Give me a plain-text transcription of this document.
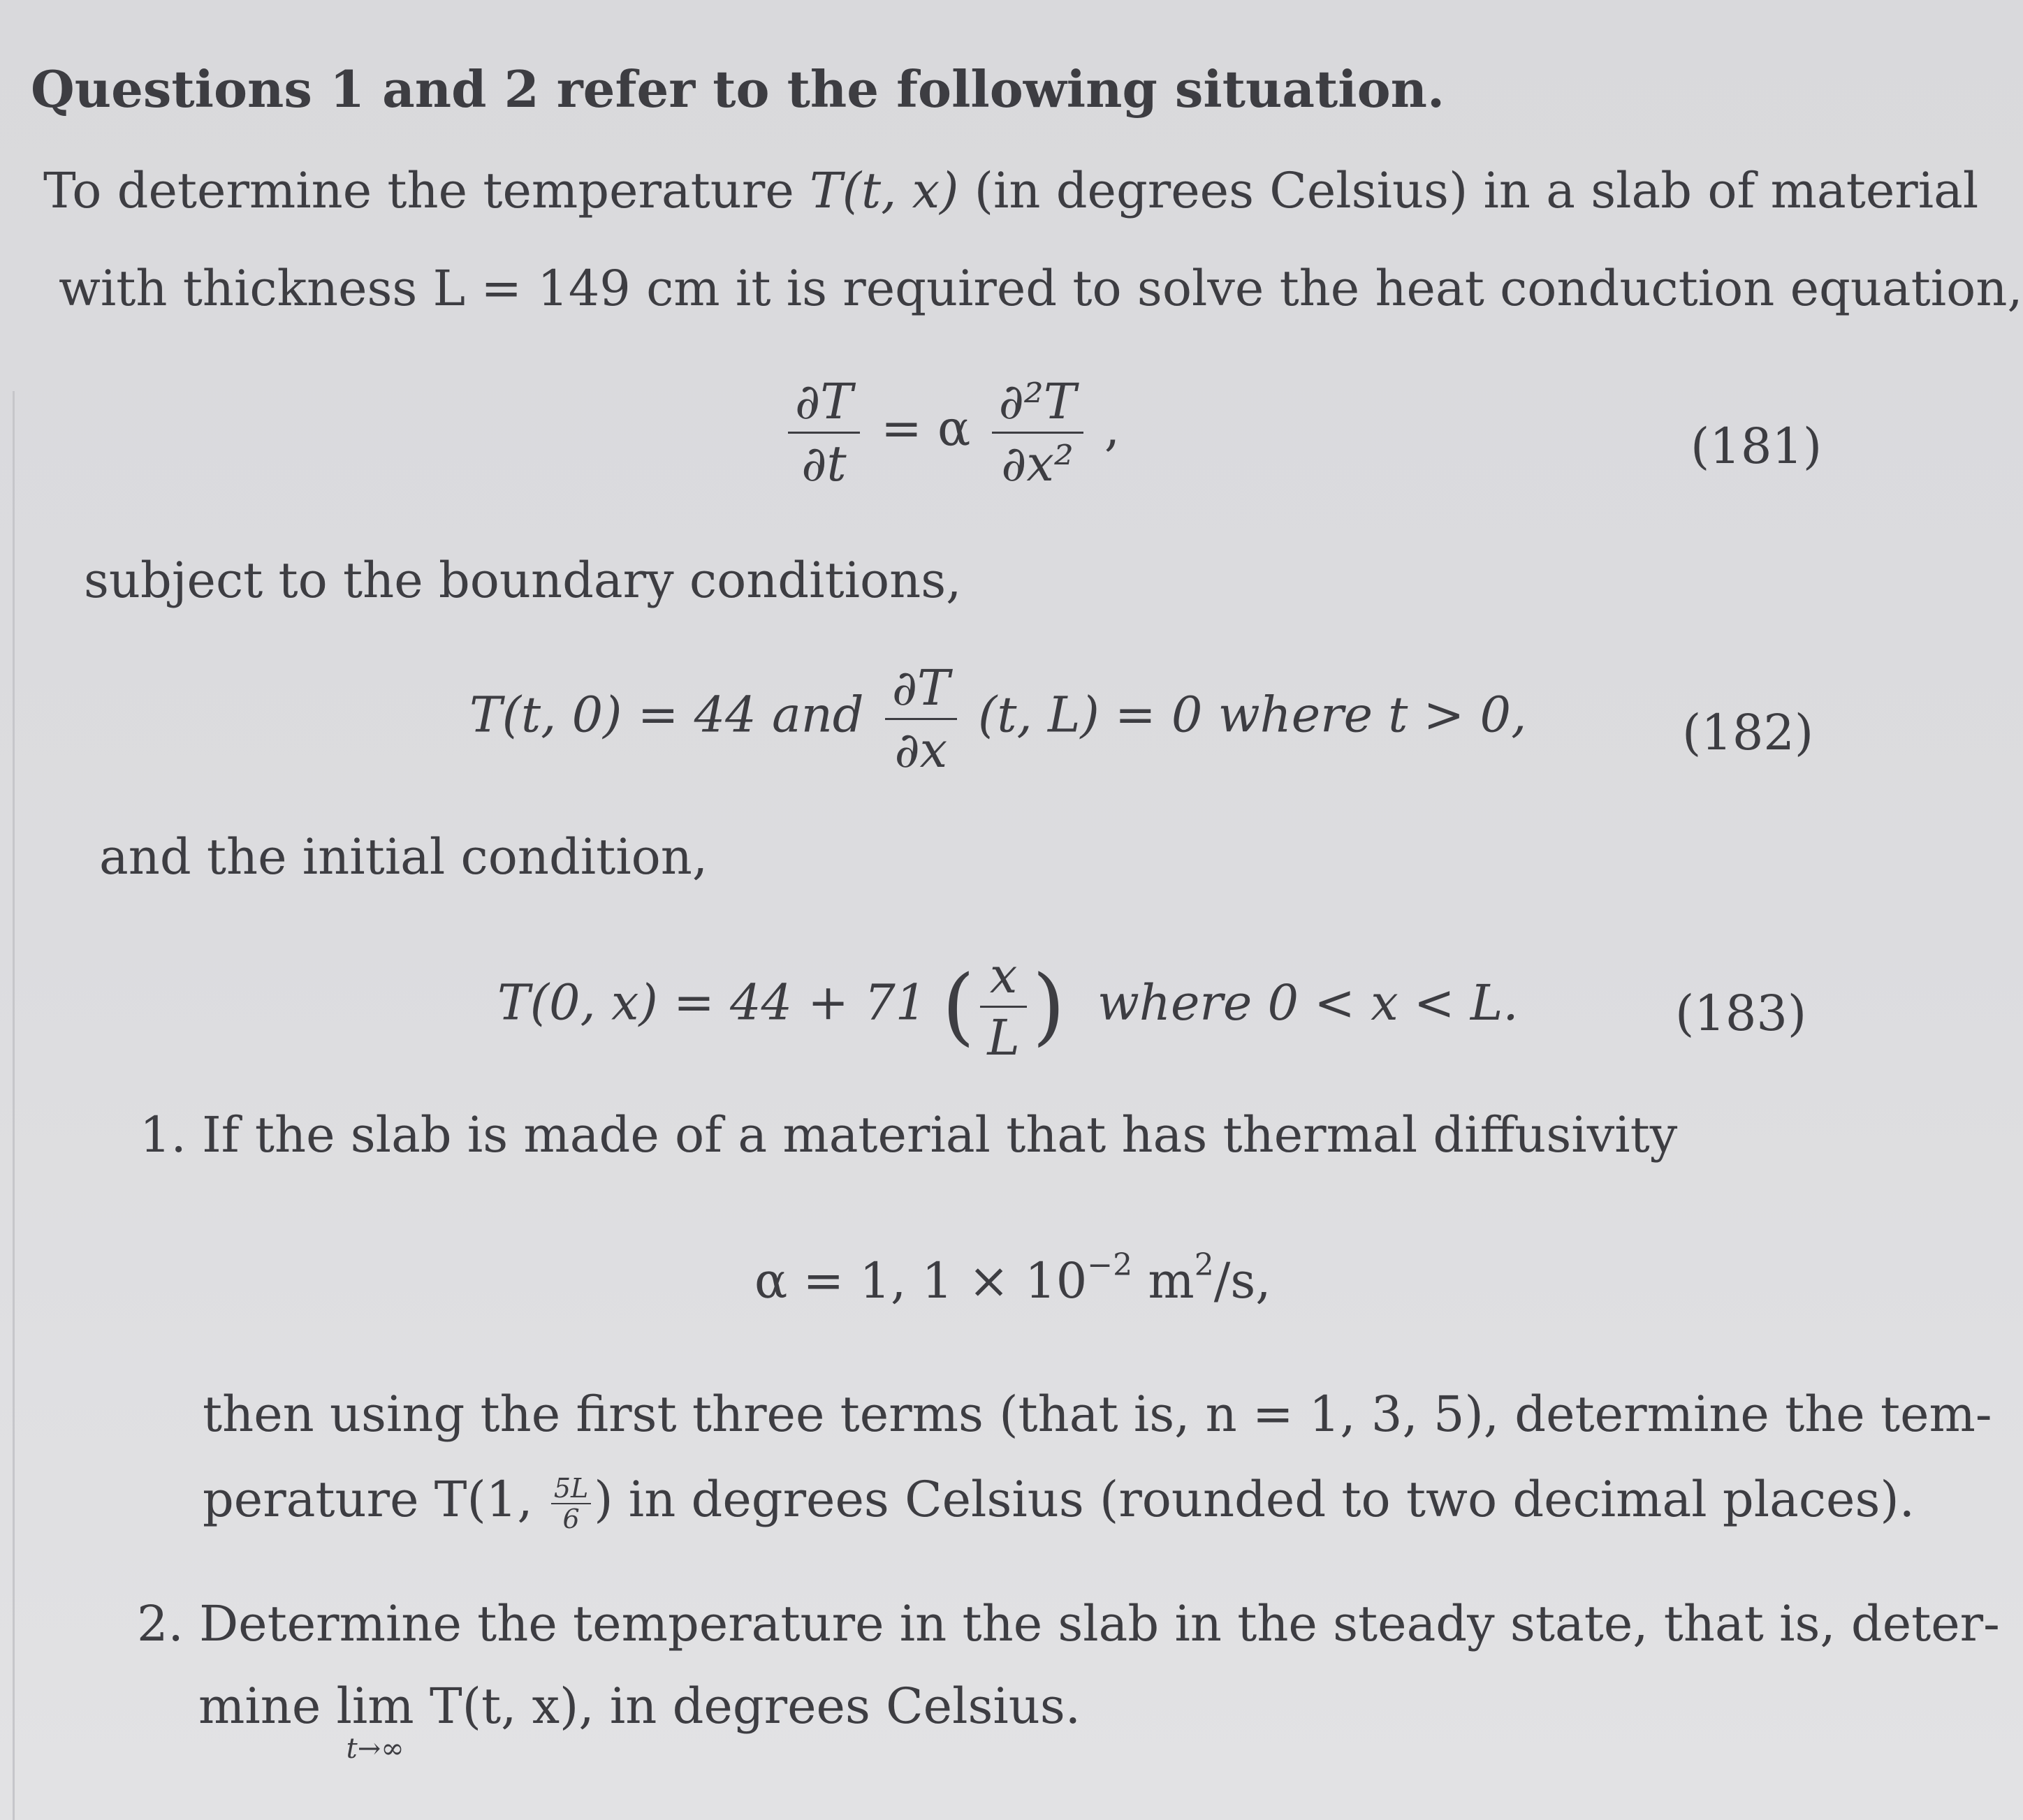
Questions 1 and 2 refer to the following situation.
To determine the temperature T(t, x) (in degrees Celsius) in a slab of material
with thickness L = 149 cm it is required to solve the heat conduction equation,
$\frac{\partial T}{\partial t} = \alpha \frac{\text{∂²T}}{\text{∂x²}}$ ,	(181)
subject to the boundary conditions,
T(t, 0) = 44 and $\frac{\partial T}{\partial x} (t$, L) = 0 where t > 0,	(182)
and the initial condition,
T(0, x) = 44 + 71 ( $\frac{x}{L}$ ) where 0 < x < L.	(183)
1. If the slab is made of a material that has thermal diffusivity
α = 1, $1 \times 10^{-2}$ $m^2/s$,
then using the first three terms (that is, n = 1, 3, 5), determine the tem-
perature T(1, $\frac{5L}{6}$ ) in degrees Celsius (rounded to two decimal places).
2. Determine the temperature in the slab in the steady state, that is, deter-
mine lim
t→∞
T(t, x), in degrees Celsius.
